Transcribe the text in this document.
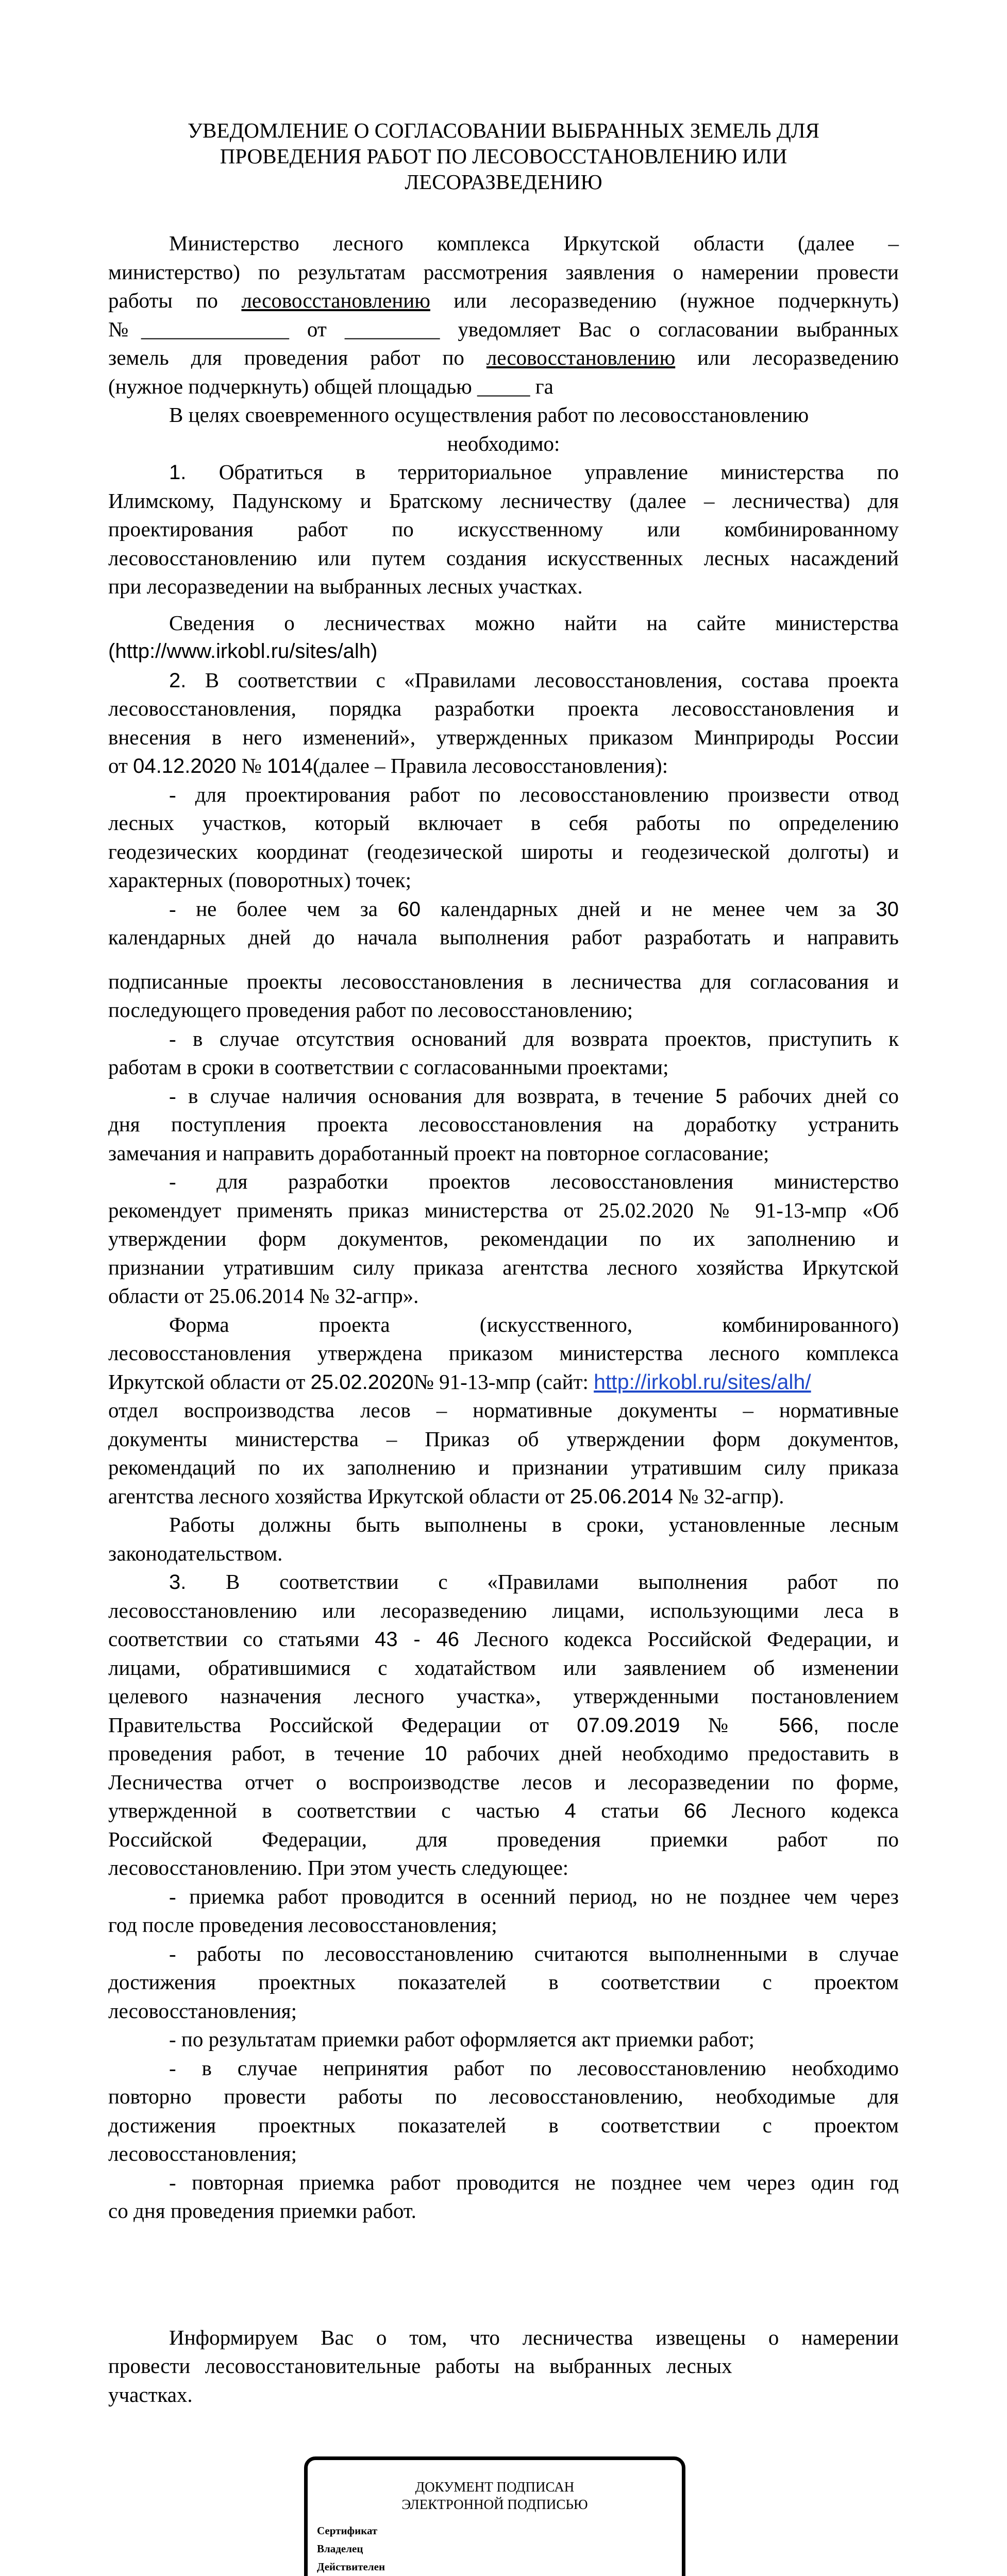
УВЕДОМЛЕНИЕ О СОГЛАСОВАНИИ ВЫБРАННЫХ ЗЕМЕЛЬ ДЛЯ
ПРОВЕДЕНИЯ РАБОТ ПО ЛЕСОВОССТАНОВЛЕНИЮ ИЛИ
ЛЕСОРАЗВЕДЕНИЮ
Министерство лесного комплекса Иркутской области (далее –
министерство) по результатам рассмотрения заявления о намерении провести
работы по лесовосстановлению или лесоразведению (нужное подчеркнуть)
№______________ от _________ уведомляет Вас о согласовании выбранных
земель для проведения работ по лесовосстановлению или лесоразведению
(нужное подчеркнуть) общей площадью _____ га
В целях своевременного осуществления работ по лесовосстановлению
необходимо:
1. Обратиться в территориальное управление министерства по
Илимскому, Падунскому и Братскому лесничеству (далее – лесничества) для
проектирования работ по искусственному или комбинированному
лесовосстановлению или путем создания искусственных лесных насаждений
при лесоразведении на выбранных лесных участках.
Сведения о лесничествах можно найти на сайте министерства
(http://www.irkobl.ru/sites/alh)
2. В соответствии с «Правилами лесовосстановления, состава проекта
лесовосстановления, порядка разработки проекта лесовосстановления и
внесения в него изменений», утвержденных приказом Минприроды России
от 04.12.2020 № 1014(далее – Правила лесовосстановления):
- для проектирования работ по лесовосстановлению произвести отвод
лесных участков, который включает в себя работы по определению
геодезических координат (геодезической широты и геодезической долготы) и
характерных (поворотных) точек;
- не более чем за 60 календарных дней и не менее чем за 30
календарных дней до начала выполнения работ разработать и направить
подписанные проекты лесовосстановления в лесничества для согласования и
последующего проведения работ по лесовосстановлению;
- в случае отсутствия оснований для возврата проектов, приступить к
работам в сроки в соответствии с согласованными проектами;
- в случае наличия основания для возврата, в течение 5 рабочих дней со
дня поступления проекта лесовосстановления на доработку устранить
замечания и направить доработанный проект на повторное согласование;
- для разработки проектов лесовосстановления министерство
рекомендует применять приказ министерства от 25.02.2020 № 91-13-мпр «Об
утверждении форм документов, рекомендации по их заполнению и
признании утратившим силу приказа агентства лесного хозяйства Иркутской
области от 25.06.2014 № 32-агпр».
Форма проекта (искусственного, комбинированного)
лесовосстановления утверждена приказом министерства лесного комплекса
Иркутской области от 25.02.2020№ 91-13-мпр (сайт: http://irkobl.ru/sites/alh/
отдел воспроизводства лесов – нормативные документы – нормативные
документы министерства – Приказ об утверждении форм документов,
рекомендаций по их заполнению и признании утратившим силу приказа
агентства лесного хозяйства Иркутской области от 25.06.2014 № 32-агпр).
Работы должны быть выполнены в сроки, установленные лесным
законодательством.
3. В соответствии с «Правилами выполнения работ по
лесовосстановлению или лесоразведению лицами, использующими леса в
соответствии со статьями 43 - 46 Лесного кодекса Российской Федерации, и
лицами, обратившимися с ходатайством или заявлением об изменении
целевого назначения лесного участка», утвержденными постановлением
Правительства Российской Федерации от 07.09.2019 № 566, после
проведения работ, в течение 10 рабочих дней необходимо предоставить в
Лесничества отчет о воспроизводстве лесов и лесоразведении по форме,
утвержденной в соответствии с частью 4 статьи 66 Лесного кодекса
Российской Федерации, для проведения приемки работ по
лесовосстановлению. При этом учесть следующее:
- приемка работ проводится в осенний период, но не позднее чем через
год после проведения лесовосстановления;
- работы по лесовосстановлению считаются выполненными в случае
достижения проектных показателей в соответствии с проектом
лесовосстановления;
- по результатам приемки работ оформляется акт приемки работ;
- в случае непринятия работ по лесовосстановлению необходимо
повторно провести работы по лесовосстановлению, необходимые для
достижения проектных показателей в соответствии с проектом
лесовосстановления;
- повторная приемка работ проводится не позднее чем через один год
со дня проведения приемки работ.
Информируем Вас о том, что лесничества извещены о намерении
провести лесовосстановительные работы на выбранных лесных
участках.
ДОКУМЕНТ ПОДПИСАН
ЭЛЕКТРОННОЙ ПОДПИСЬЮ
Сертификат
Владелец
Действителен
